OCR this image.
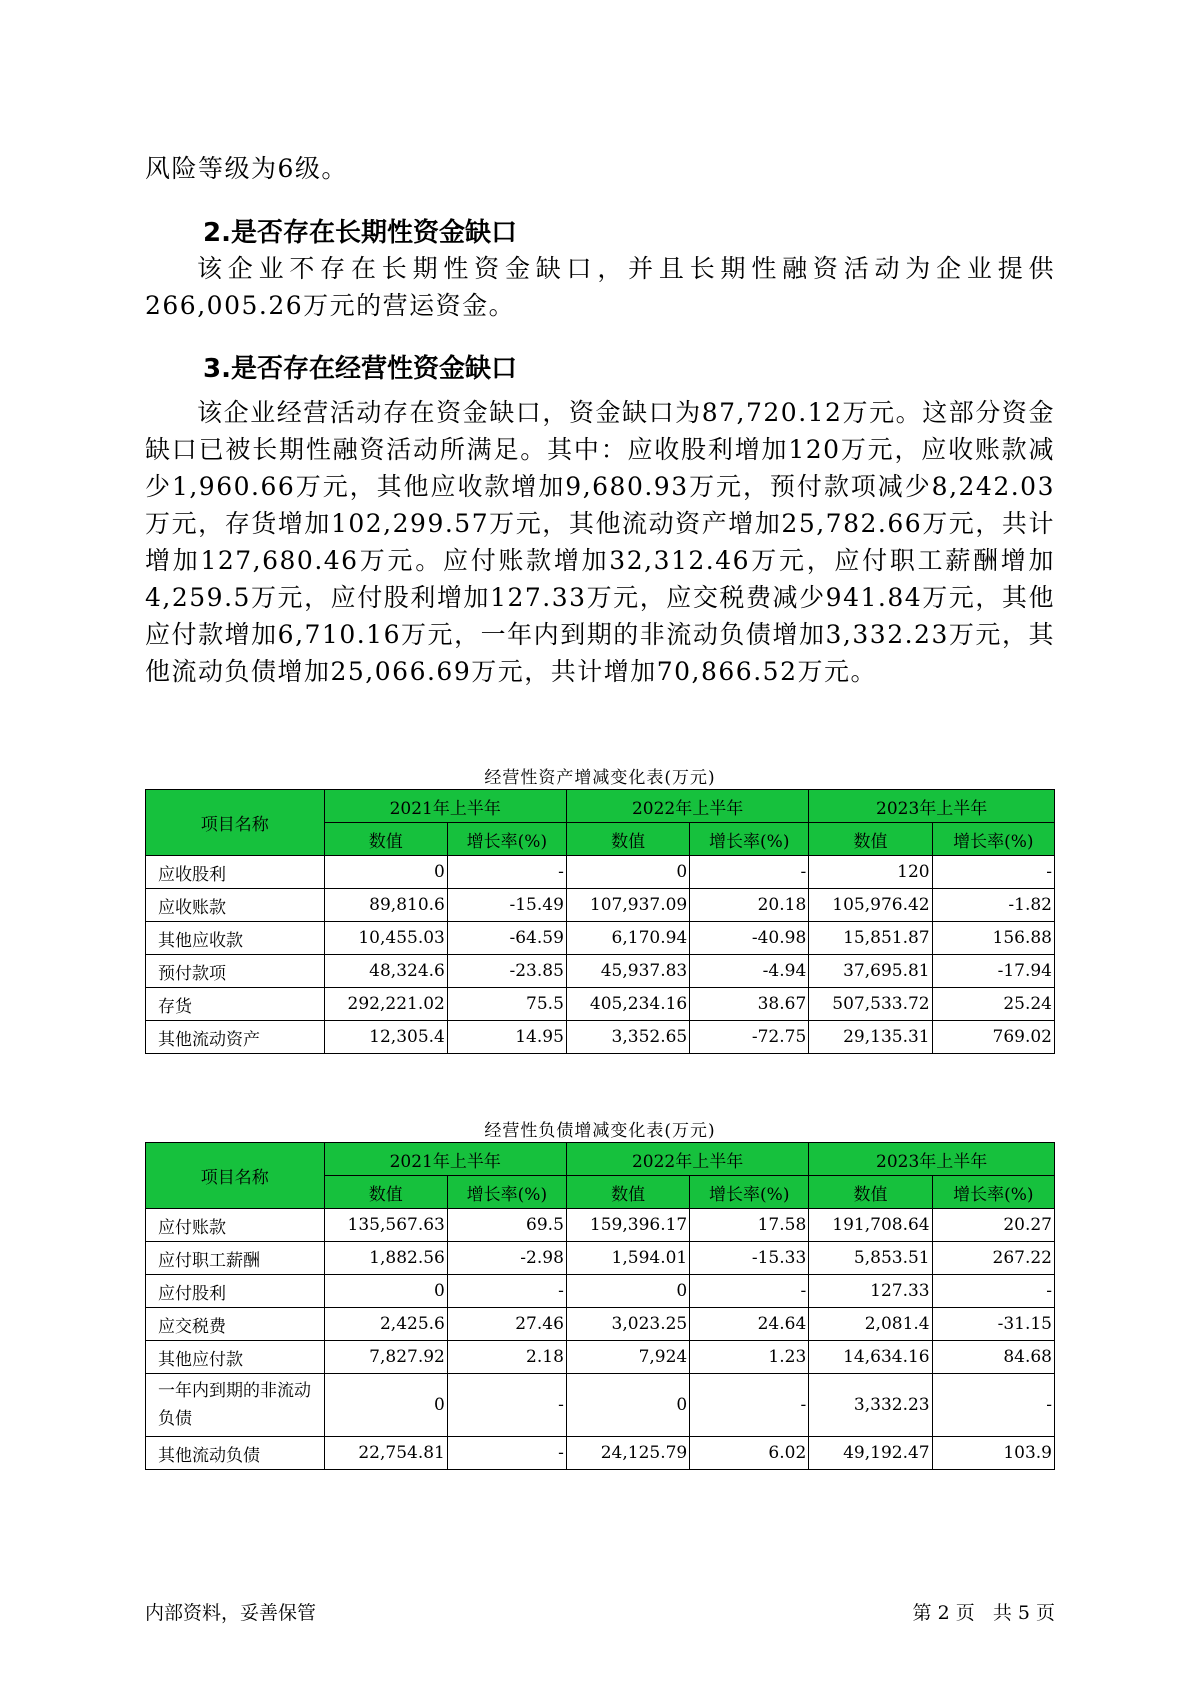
风险等级为6级。

2.是否存在长期性资金缺口

该企业不存在长期性资金缺口，并且长期性融资活动为企业提供266,005.26万元的营运资金。

3.是否存在经营性资金缺口

该企业经营活动存在资金缺口，资金缺口为87,720.12万元。这部分资金缺口已被长期性融资活动所满足。其中：应收股利增加120万元，应收账款减少1,960.66万元，其他应收款增加9,680.93万元，预付款项减少8,242.03万元，存货增加102,299.57万元，其他流动资产增加25,782.66万元，共计增加127,680.46万元。应付账款增加32,312.46万元，应付职工薪酬增加4,259.5万元，应付股利增加127.33万元，应交税费减少941.84万元，其他应付款增加6,710.16万元，一年内到期的非流动负债增加3,332.23万元，其他流动负债增加25,066.69万元，共计增加70,866.52万元。

经营性资产增减变化表(万元)
项目名称	2021年上半年		2022年上半年		2023年上半年	
	数值	增长率(%)	数值	增长率(%)	数值	增长率(%)
应收股利	0	-	0	-	120	-
应收账款	89,810.6	-15.49	107,937.09	20.18	105,976.42	-1.82
其他应收款	10,455.03	-64.59	6,170.94	-40.98	15,851.87	156.88
预付款项	48,324.6	-23.85	45,937.83	-4.94	37,695.81	-17.94
存货	292,221.02	75.5	405,234.16	38.67	507,533.72	25.24
其他流动资产	12,305.4	14.95	3,352.65	-72.75	29,135.31	769.02
经营性负债增减变化表(万元)
项目名称	2021年上半年		2022年上半年		2023年上半年	
	数值	增长率(%)	数值	增长率(%)	数值	增长率(%)
应付账款	135,567.63	69.5	159,396.17	17.58	191,708.64	20.27
应付职工薪酬	1,882.56	-2.98	1,594.01	-15.33	5,853.51	267.22
应付股利	0	-	0	-	127.33	-
应交税费	2,425.6	27.46	3,023.25	24.64	2,081.4	-31.15
其他应付款	7,827.92	2.18	7,924	1.23	14,634.16	84.68
一年内到期的非流动负债	0	-	0	-	3,332.23	-
其他流动负债	22,754.81	-	24,125.79	6.02	49,192.47	103.9
内部资料，妥善保管	第 2 页   共 5 页
